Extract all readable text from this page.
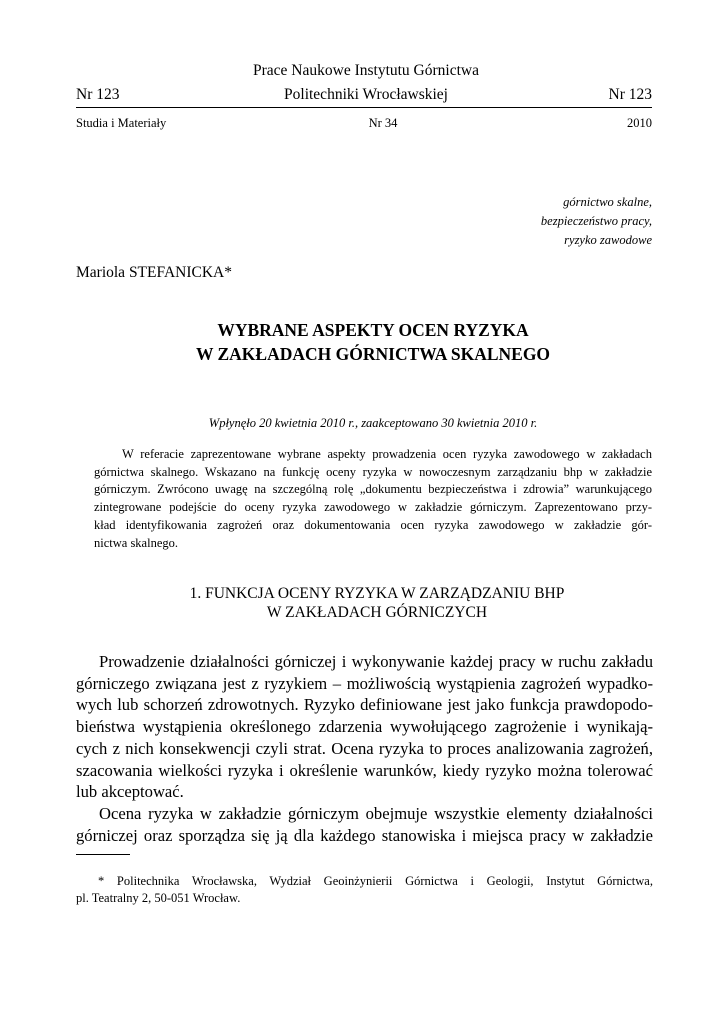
Prace Naukowe Instytutu Górnictwa
Politechniki Wrocławskiej
Nr 123	Nr 123
Studia i Materiały	Nr 34	2010
górnictwo skalne,
bezpieczeństwo pracy,
ryzyko zawodowe
Mariola STEFANICKA*
WYBRANE ASPEKTY OCEN RYZYKA
W ZAKŁADACH GÓRNICTWA SKALNEGO
Wpłynęło 20 kwietnia 2010 r., zaakceptowano 30 kwietnia 2010 r.
W referacie zaprezentowane wybrane aspekty prowadzenia ocen ryzyka zawodowego w zakładach
górnictwa skalnego. Wskazano na funkcję oceny ryzyka w nowoczesnym zarządzaniu bhp w zakładzie
górniczym. Zwrócono uwagę na szczególną rolę „dokumentu bezpieczeństwa i zdrowia” warunkującego
zintegrowane podejście do oceny ryzyka zawodowego w zakładzie górniczym. Zaprezentowano przy-
kład identyfikowania zagrożeń oraz dokumentowania ocen ryzyka zawodowego w zakładzie gór-
nictwa skalnego.
1. FUNKCJA OCENY RYZYKA W ZARZĄDZANIU BHP
W ZAKŁADACH GÓRNICZYCH
Prowadzenie działalności górniczej i wykonywanie każdej pracy w ruchu zakładu
górniczego związana jest z ryzykiem – możliwością wystąpienia zagrożeń wypadko-
wych lub schorzeń zdrowotnych. Ryzyko definiowane jest jako funkcja prawdopodo-
bieństwa wystąpienia określonego zdarzenia wywołującego zagrożenie i wynikają-
cych z nich konsekwencji czyli strat. Ocena ryzyka to proces analizowania zagrożeń,
szacowania wielkości ryzyka i określenie warunków, kiedy ryzyko można tolerować
lub akceptować.
Ocena ryzyka w zakładzie górniczym obejmuje wszystkie elementy działalności
górniczej oraz sporządza się ją dla każdego stanowiska i miejsca pracy w zakładzie
* Politechnika Wrocławska, Wydział Geoinżynierii Górnictwa i Geologii, Instytut Górnictwa,
pl. Teatralny 2, 50-051 Wrocław.
